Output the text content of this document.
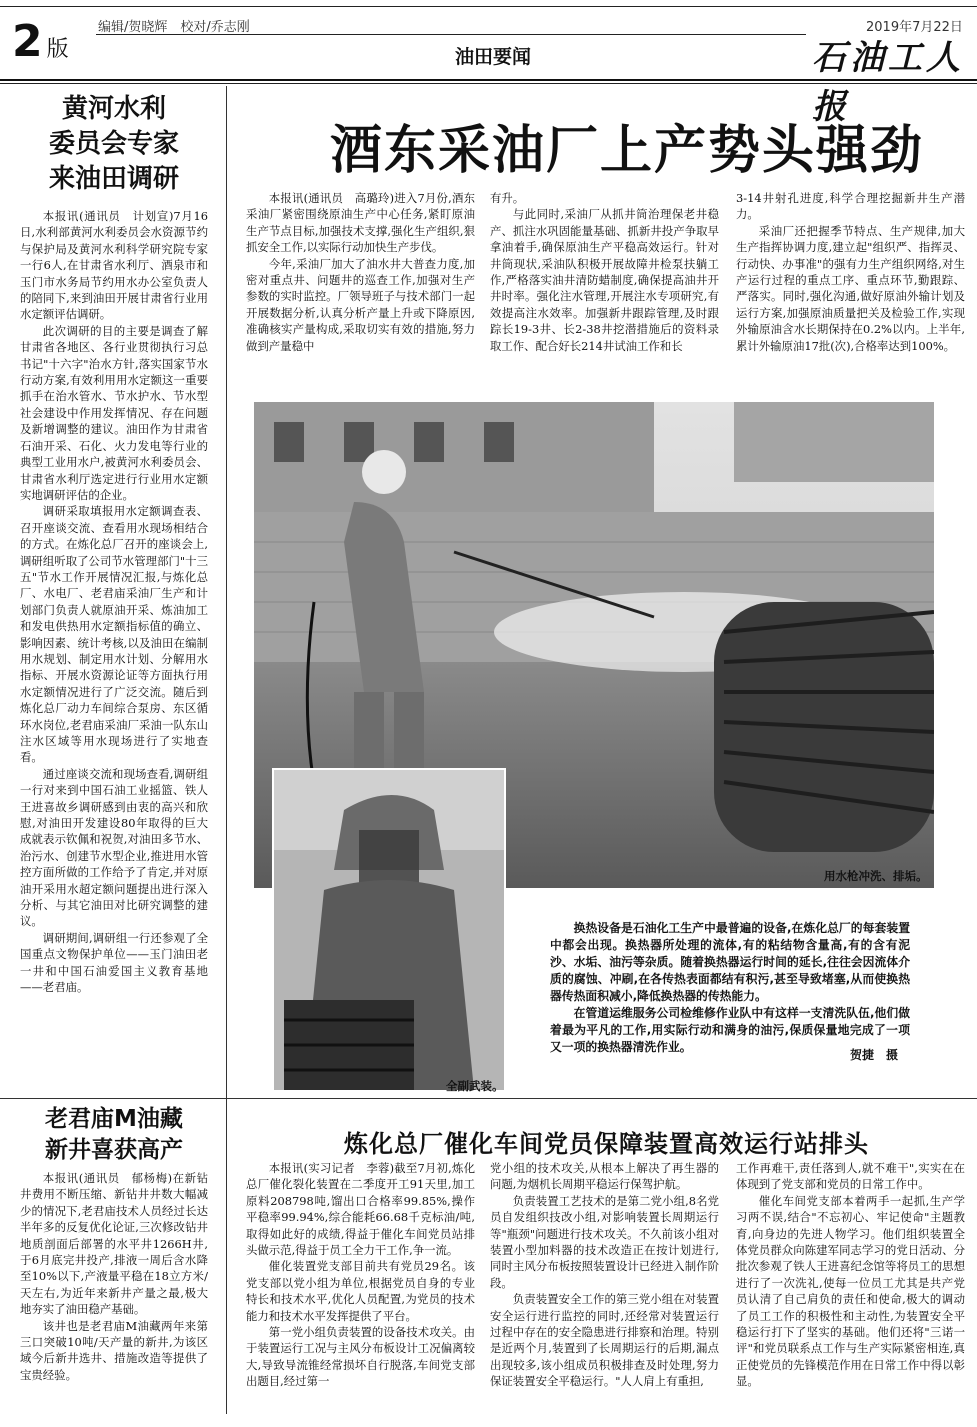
2 版
编辑/贺晓辉　校对/乔志刚	2019年7月22日
油田要闻	石油工人报
黄河水利
委员会专家
来油田调研

本报讯(通讯员　计划宣)7月16日,水利部黄河水利委员会水资源节约与保护局及黄河水利科学研究院专家一行6人,在甘肃省水利厅、酒泉市和玉门市水务局节约用水办公室负责人的陪同下,来到油田开展甘肃省行业用水定额评估调研。

此次调研的目的主要是调查了解甘肃省各地区、各行业贯彻执行习总书记"十六字"治水方针,落实国家节水行动方案,有效利用用水定额这一重要抓手在治水管水、节水护水、节水型社会建设中作用发挥情况、存在问题及新增调整的建议。油田作为甘肃省石油开采、石化、火力发电等行业的典型工业用水户,被黄河水利委员会、甘肃省水利厅选定进行行业用水定额实地调研评估的企业。

调研采取填报用水定额调查表、召开座谈交流、查看用水现场相结合的方式。在炼化总厂召开的座谈会上,调研组听取了公司节水管理部门"十三五"节水工作开展情况汇报,与炼化总厂、水电厂、老君庙采油厂生产和计划部门负责人就原油开采、炼油加工和发电供热用水定额指标值的确立、影响因素、统计考核,以及油田在编制用水规划、制定用水计划、分解用水指标、开展水资源论证等方面执行用水定额情况进行了广泛交流。随后到炼化总厂动力车间综合泵房、东区循环水岗位,老君庙采油厂采油一队东山注水区域等用水现场进行了实地查看。

通过座谈交流和现场查看,调研组一行对来到中国石油工业摇篮、铁人王进喜故乡调研感到由衷的高兴和欣慰,对油田开发建设80年取得的巨大成就表示钦佩和祝贺,对油田多节水、治污水、创建节水型企业,推进用水管控方面所做的工作给予了肯定,并对原油开采用水超定额问题提出进行深入分析、与其它油田对比研究调整的建议。

调研期间,调研组一行还参观了全国重点文物保护单位——玉门油田老一井和中国石油爱国主义教育基地——老君庙。

酒东采油厂上产势头强劲

本报讯(通讯员　高璐玲)进入7月份,酒东采油厂紧密围绕原油生产中心任务,紧盯原油生产节点目标,加强技术支撑,强化生产组织,狠抓安全工作,以实际行动加快生产步伐。

今年,采油厂加大了油水井大普查力度,加密对重点井、问题井的巡查工作,加强对生产参数的实时监控。厂领导班子与技术部门一起开展数据分析,认真分析产量上升或下降原因,准确核实产量构成,采取切实有效的措施,努力做到产量稳中

有升。

与此同时,采油厂从抓井筒治理保老井稳产、抓注水巩固能量基础、抓新井投产争取早拿油着手,确保原油生产平稳高效运行。针对井筒现状,采油队积极开展故障井检泵扶躺工作,严格落实油井清防蜡制度,确保提高油井开井时率。强化注水管理,开展注水专项研究,有效提高注水效率。加强新井跟踪管理,及时跟踪长19-3井、长2-38井挖潜措施后的资料录取工作、配合好长214井试油工作和长

3-14井射孔进度,科学合理挖掘新井生产潜力。

采油厂还把握季节特点、生产规律,加大生产指挥协调力度,建立起"组织严、指挥灵、行动快、办事准"的强有力生产组织网络,对生产运行过程的重点工序、重点环节,勤跟踪、严落实。同时,强化沟通,做好原油外输计划及运行方案,加强原油质量把关及检验工作,实现外输原油含水长期保持在0.2%以内。上半年,累计外输原油17批(次),合格率达到100%。

用水枪冲洗、排垢。
全副武装。

换热设备是石油化工生产中最普遍的设备,在炼化总厂的每套装置中都会出现。换热器所处理的流体,有的粘结物含量高,有的含有泥沙、水垢、油污等杂质。随着换热器运行时间的延长,往往会因流体介质的腐蚀、冲刷,在各传热表面都结有积污,甚至导致堵塞,从而使换热器传热面积减小,降低换热器的传热能力。

在管道运维服务公司检维修作业队中有这样一支清洗队伍,他们做着最为平凡的工作,用实际行动和满身的油污,保质保量地完成了一项又一项的换热器清洗作业。

贺捷　摄
老君庙M油藏
新井喜获高产

本报讯(通讯员　郁杨梅)在新钻井费用不断压缩、新钻井井数大幅减少的情况下,老君庙技术人员经过长达半年多的反复优化论证,三次修改钻井地质剖面后部署的水平井1266H井,于6月底完井投产,排液一周后含水降至10%以下,产液量平稳在18立方米/天左右,为近年来新井产量之最,极大地夯实了油田稳产基础。

该井也是老君庙M油藏两年来第三口突破10吨/天产量的新井,为该区域今后新井选井、措施改造等提供了宝贵经验。

炼化总厂催化车间党员保障装置高效运行站排头

本报讯(实习记者　李蓉)截至7月初,炼化总厂催化裂化装置在二季度开工91天里,加工原料208798吨,馏出口合格率99.85%,操作平稳率99.94%,综合能耗66.68千克标油/吨,取得如此好的成绩,得益于催化车间党员站排头做示范,得益于员工全力干工作,争一流。

催化装置党支部目前共有党员29名。该党支部以党小组为单位,根据党员自身的专业特长和技术水平,优化人员配置,为党员的技术能力和技术水平发挥提供了平台。

第一党小组负责装置的设备技术攻关。由于装置运行工况与主风分布板设计工况偏离较大,导致导流锥经常损坏自行脱落,车间党支部出题目,经过第一

党小组的技术攻关,从根本上解决了再生器的问题,为烟机长周期平稳运行保驾护航。

负责装置工艺技术的是第二党小组,8名党员自发组织技改小组,对影响装置长周期运行等"瓶颈"问题进行技术攻关。不久前该小组对装置小型加料器的技术改造正在按计划进行,同时主风分布板按照装置设计已经进入制作阶段。

负责装置安全工作的第三党小组在对装置安全运行进行监控的同时,还经常对装置运行过程中存在的安全隐患进行排察和治理。特别是近两个月,装置到了长周期运行的后期,漏点出现较多,该小组成员积极排查及时处理,努力保证装置安全平稳运行。"人人肩上有重担,

工作再难干,责任落到人,就不难干",实实在在体现到了党支部和党员的日常工作中。

催化车间党支部本着两手一起抓,生产学习两不误,结合"不忘初心、牢记使命"主题教育,向身边的先进人物学习。他们组织装置全体党员群众向陈建军同志学习的党日活动、分批次参观了铁人王进喜纪念馆等将员工的思想进行了一次洗礼,使每一位员工尤其是共产党员认清了自己肩负的责任和使命,极大的调动了员工工作的积极性和主动性,为装置安全平稳运行打下了坚实的基础。他们还将"三诺一评"和党员联系点工作与生产实际紧密相连,真正使党员的先锋模范作用在日常工作中得以彰显。
